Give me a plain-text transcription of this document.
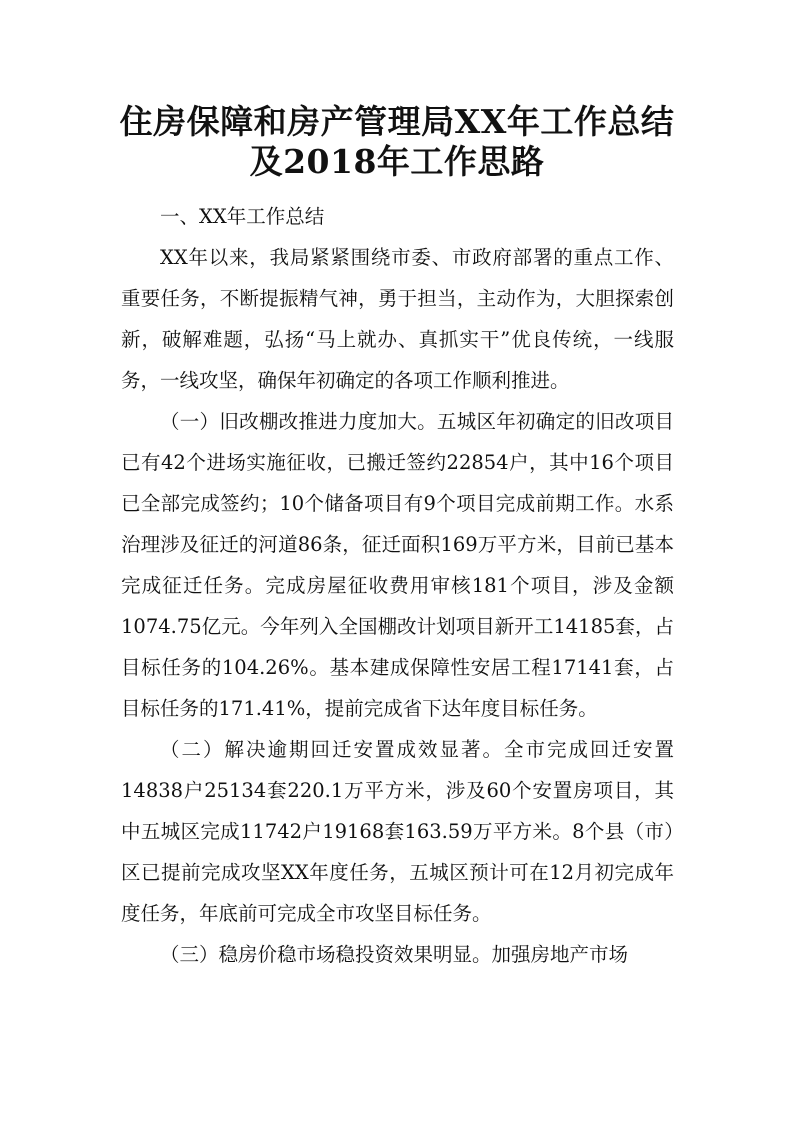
住房保障和房产管理局XX年工作总结
及2018年工作思路

一、XX年工作总结

XX年以来，我局紧紧围绕市委、市政府部署的重点工作、重要任务，不断提振精气神，勇于担当，主动作为，大胆探索创新，破解难题，弘扬“马上就办、真抓实干”优良传统，一线服务，一线攻坚，确保年初确定的各项工作顺利推进。

（一）旧改棚改推进力度加大。五城区年初确定的旧改项目已有42个进场实施征收，已搬迁签约22854户，其中16个项目已全部完成签约；10个储备项目有9个项目完成前期工作。水系治理涉及征迁的河道86条，征迁面积169万平方米，目前已基本完成征迁任务。完成房屋征收费用审核181个项目，涉及金额1074.75亿元。今年列入全国棚改计划项目新开工14185套，占目标任务的104.26%。基本建成保障性安居工程17141套，占目标任务的171.41%，提前完成省下达年度目标任务。

（二）解决逾期回迁安置成效显著。全市完成回迁安置14838户25134套220.1万平方米，涉及60个安置房项目，其中五城区完成11742户19168套163.59万平方米。8个县（市）区已提前完成攻坚XX年度任务，五城区预计可在12月初完成年度任务，年底前可完成全市攻坚目标任务。

（三）稳房价稳市场稳投资效果明显。加强房地产市场
